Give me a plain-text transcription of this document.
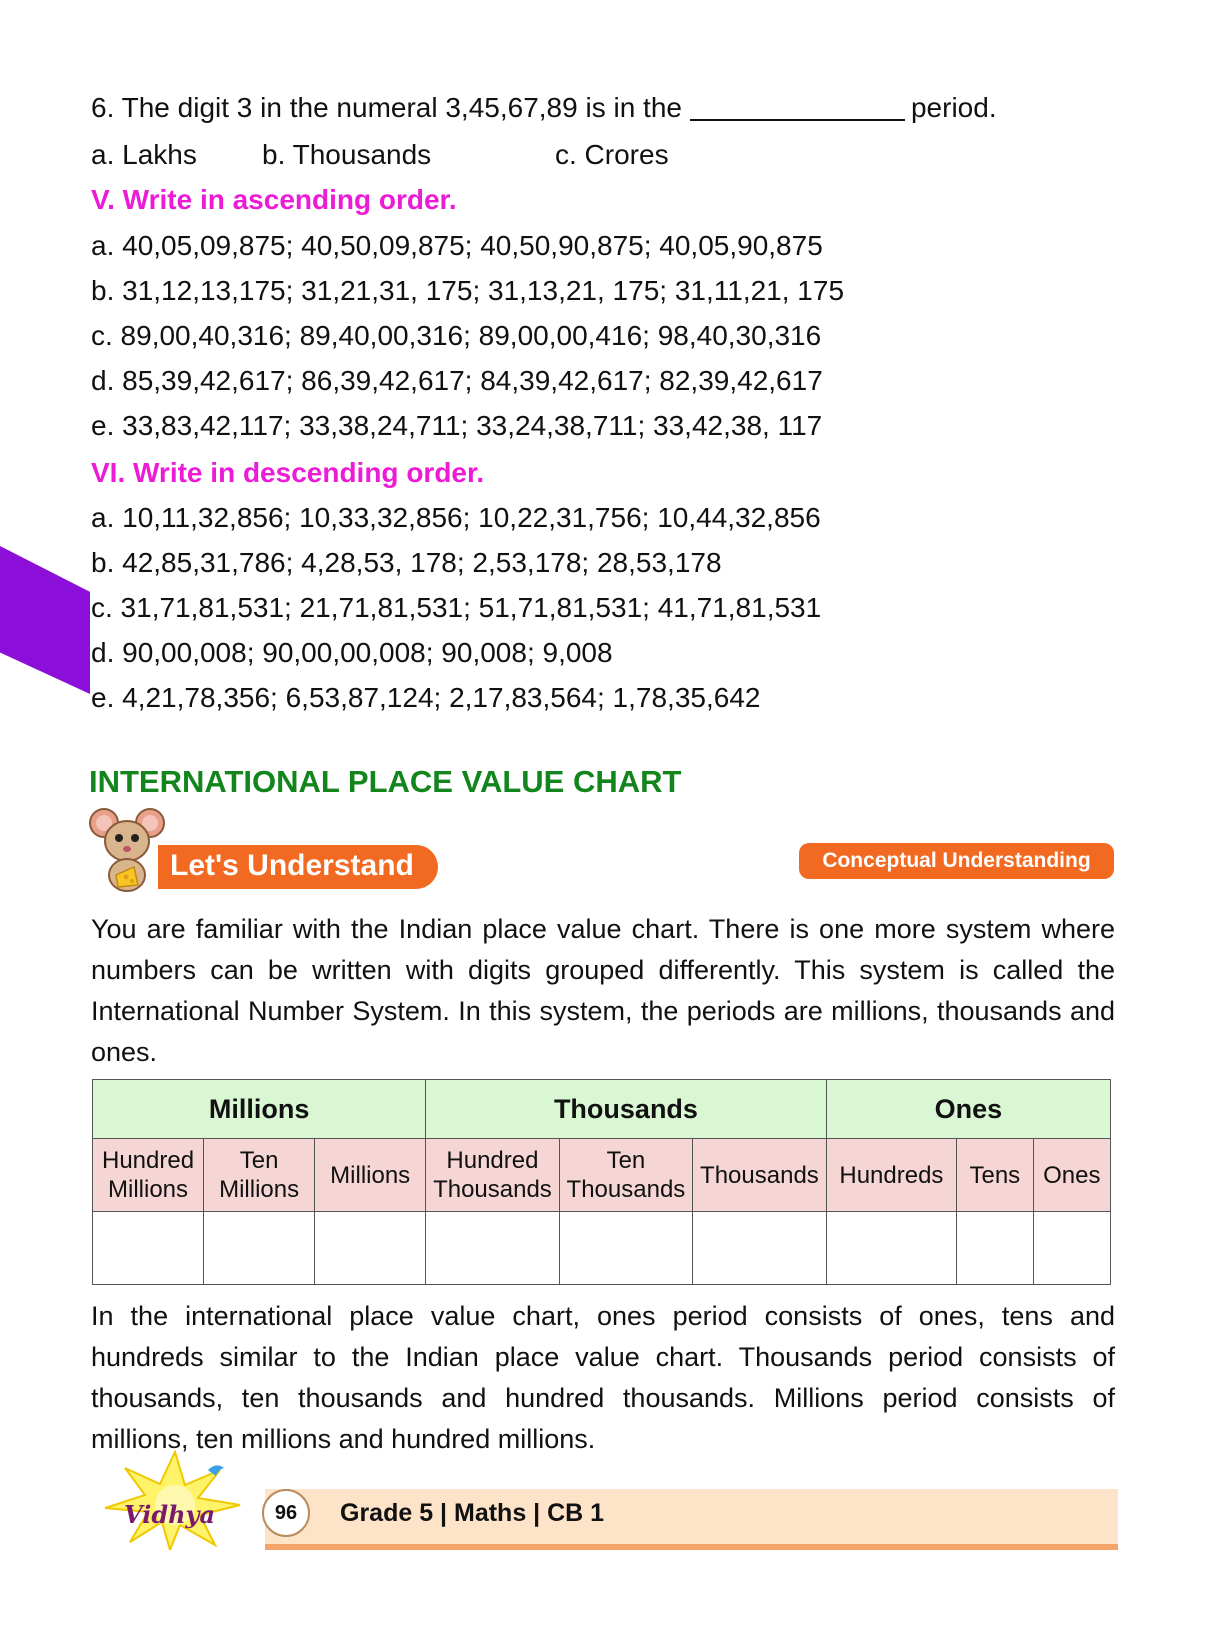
6. The digit 3 in the numeral 3,45,67,89 is in the	period.
a. Lakhs b. Thousands	c. Crores
V. Write in ascending order.
a. 40,05,09,875; 40,50,09,875; 40,50,90,875; 40,05,90,875
b. 31,12,13,175; 31,21,31, 175; 31,13,21, 175; 31,11,21, 175
c. 89,00,40,316; 89,40,00,316; 89,00,00,416; 98,40,30,316
d. 85,39,42,617; 86,39,42,617; 84,39,42,617; 82,39,42,617
e. 33,83,42,117; 33,38,24,711; 33,24,38,711; 33,42,38, 117
VI. Write in descending order.
a. 10,11,32,856; 10,33,32,856; 10,22,31,756; 10,44,32,856
b. 42,85,31,786; 4,28,53, 178; 2,53,178; 28,53,178
c. 31,71,81,531; 21,71,81,531; 51,71,81,531; 41,71,81,531
d. 90,00,008; 90,00,00,008; 90,008; 9,008
e. 4,21,78,356; 6,53,87,124; 2,17,83,564; 1,78,35,642
INTERNATIONAL PLACE VALUE CHART
Let's Understand	Conceptual Understanding

You are familiar with the Indian place value chart. There is one more system where numbers can be written with digits grouped differently. This system is called the International Number System. In this system, the periods are millions, thousands and ones.

Millions			Thousands			Ones		
Hundred Millions	Ten Millions	Millions	Hundred Thousands	Ten Thousands	Thousands	Hundreds	Tens	Ones

In the international place value chart, ones period consists of ones, tens and hundreds similar to the Indian place value chart. Thousands period consists of thousands, ten thousands and hundred thousands. Millions period consists of millions, ten millions and hundred millions.

Vidhya	96	Grade 5 | Maths | CB 1
